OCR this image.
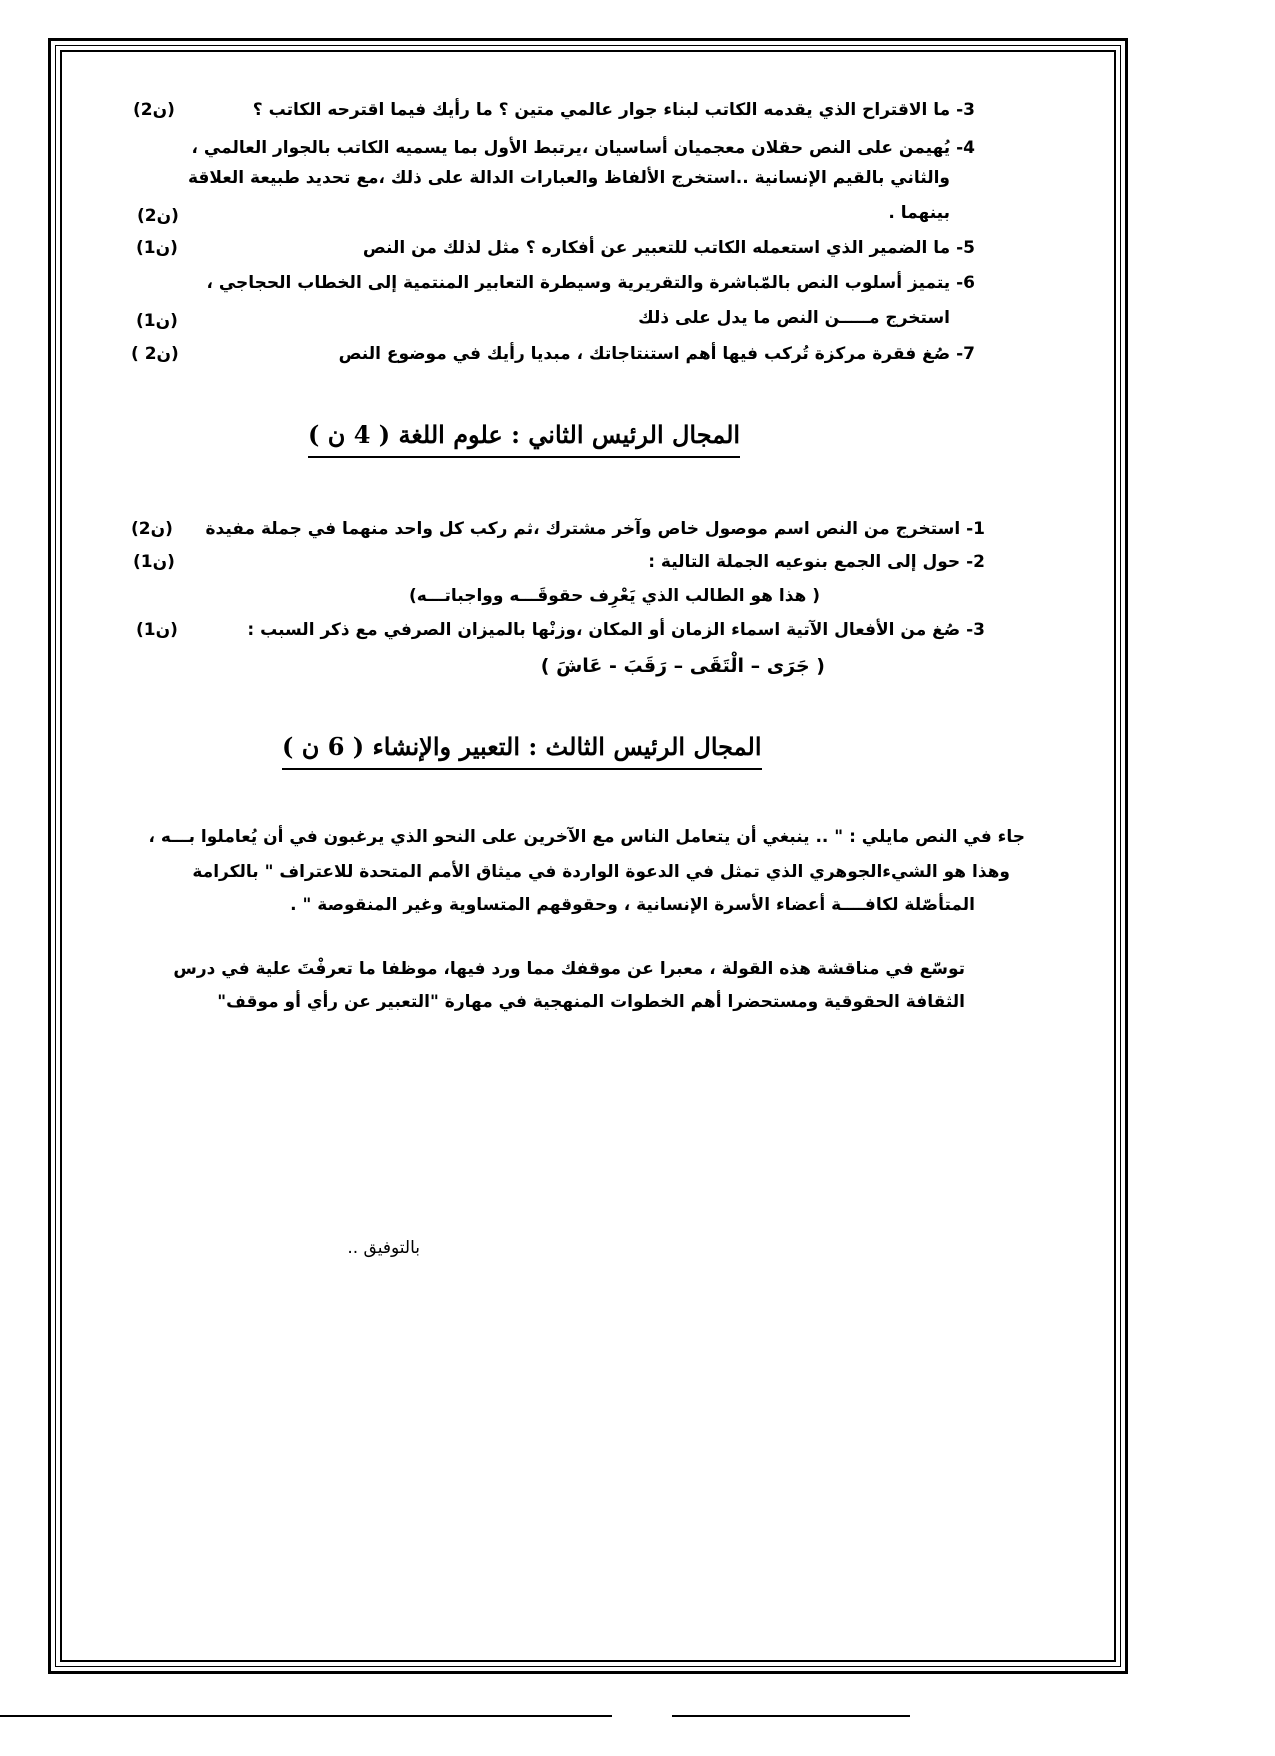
3- ما الاقتراح الذي يقدمه الكاتب لبناء جوار عالمي متين ؟ ما رأيك فيما اقترحه الكاتب ؟
(2ن)
4- يُهيمن على النص حقلان معجميان أساسيان ،يرتبط الأول بما يسميه الكاتب بالجوار العالمي ،
والثاني بالقيم الإنسانية ..استخرج الألفاظ والعبارات الدالة على ذلك ،مع تحديد طبيعة العلاقة
بينهما .
(2ن)
5- ما الضمير الذي استعمله الكاتب للتعبير عن أفكاره ؟ مثل لذلك من النص
(1ن)
6- يتميز أسلوب النص بالمّباشرة والتقريرية وسيطرة التعابير المنتمية إلى الخطاب الحجاجي ،
استخرج مـــــن النص ما يدل على ذلك
(1ن)
7- صُغ فقرة مركزة تُركب فيها أهم استنتاجاتك ، مبديا رأيك في موضوع النص
( 2ن)
المجال الرئيس الثاني : علوم اللغة ( 4 ن )
1- استخرج من النص اسم موصول خاص وآخر مشترك ،ثم ركب كل واحد منهما في جملة مفيدة
(2ن)
2- حول إلى الجمع بنوعيه الجملة التالية :
(1ن)
( هذا هو الطالب الذي يَعْرِف حقوقَـــه وواجباتـــه)
3- صُغ من الأفعال الآتية اسماء الزمان أو المكان ،وزنْها بالميزان الصرفي مع ذكر السبب :
(1ن)
( جَرَى – الْتَقَى – رَقَبَ - عَاشَ )
المجال الرئيس الثالث : التعبير والإنشاء ( 6 ن )
جاء في النص مايلي : " .. ينبغي أن يتعامل الناس مع الآخرين على النحو الذي يرغبون في أن يُعاملوا بـــه ،
وهذا هو الشيءالجوهري الذي تمثل في الدعوة الواردة في ميثاق الأمم المتحدة للاعتراف " بالكرامة
المتأصّلة لكافــــة أعضاء الأسرة الإنسانية ، وحقوقهم المتساوية وغير المنقوصة " .
توسّع في مناقشة هذه القولة ، معبرا عن موقفك مما ورد فيها، موظفا ما تعرفْتَ علية في درس
الثقافة الحقوقية ومستحضرا أهم الخطوات المنهجية في مهارة "التعبير عن رأي أو موقف"
بالتوفيق ..
